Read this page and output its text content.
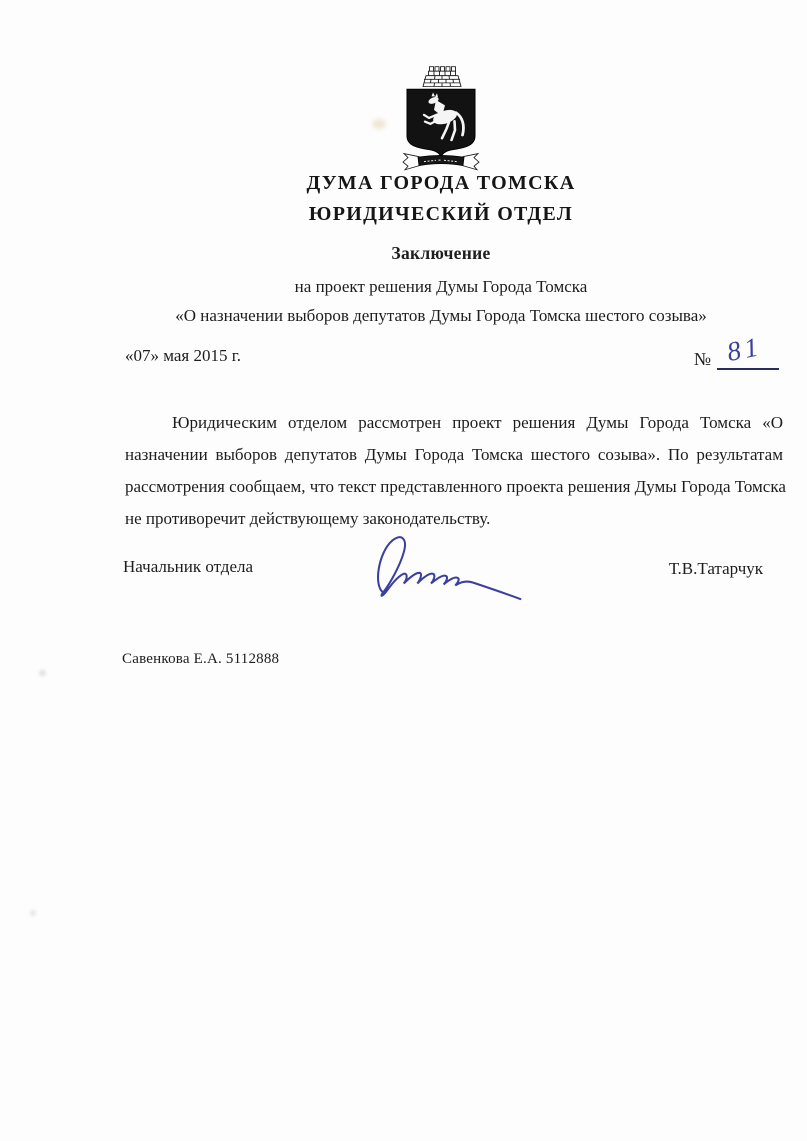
ДУМА ГОРОДА ТОМСКА
ЮРИДИЧЕСКИЙ ОТДЕЛ
Заключение
на проект решения Думы Города Томска
«О назначении выборов депутатов Думы Города Томска шестого созыва»
«07» мая 2015 г.	№ 81
Юридическим отделом рассмотрен проект решения Думы Города Томска «О
назначении выборов депутатов Думы Города Томска шестого созыва». По результатам
рассмотрения сообщаем, что текст представленного проекта решения Думы Города Томска
не противоречит действующему законодательству.
Начальник отдела	Т.В.Татарчук
Савенкова Е.А. 5112888
